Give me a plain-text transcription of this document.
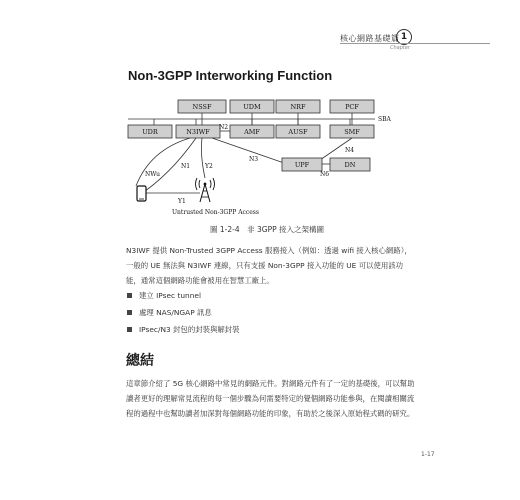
核心網路基礎篇 1
Chapter
Non-3GPP Interworking Function
SBA
NSSF	UDM	NRF	PCF
UDR	N3IWF	AMF	AUSF	SMF
N2
N3
N4
UPF	DN
N6
NWu
N1 Y2
Y1
Untrusted Non-3GPP Access
圖 1-2-4　非 3GPP 接入之架構圖
N3IWF 提供 Non-Trusted 3GPP Access 服務接入（例如：透過 wifi 接入核心網路），一般的 UE 無法與 N3IWF 連線，只有支援 Non-3GPP 接入功能的 UE 可以使用該功能，通常這個網路功能會被用在智慧工廠上。
建立 IPsec tunnel
處理 NAS/NGAP 訊息
IPsec/N3 封包的封裝與解封裝
總結
這章節介紹了 5G 核心網路中常見的網路元件。對網路元件有了一定的基礎後，可以幫助讀者更好的理解常見流程的每一個步驟為何需要特定的覺個網路功能參與，在閱讀相關流程的過程中也幫助讀者加深對每個網路功能的印象，有助於之後深入原始程式碼的研究。
1-17
